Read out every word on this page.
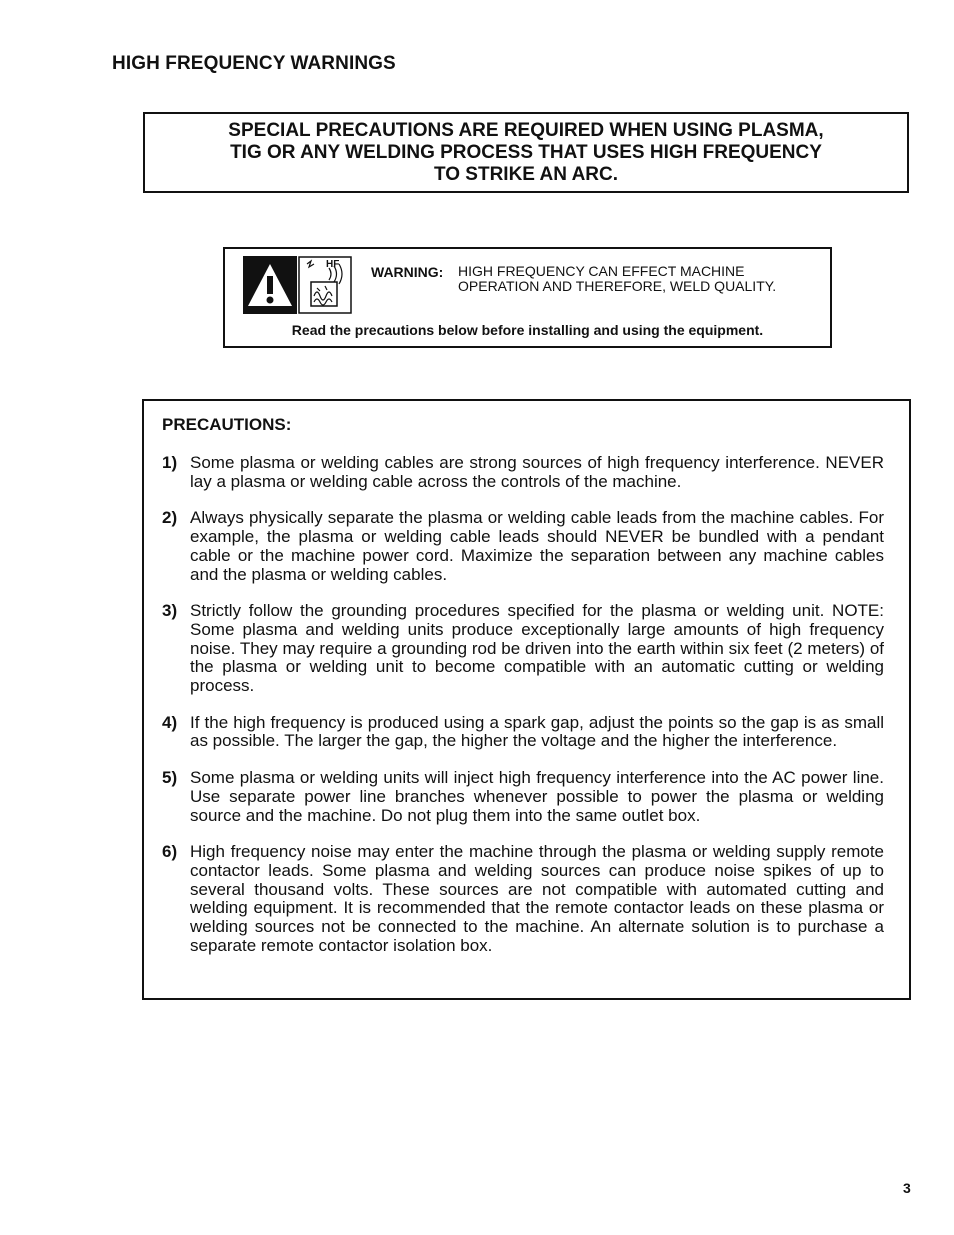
HIGH FREQUENCY WARNINGS
SPECIAL PRECAUTIONS ARE REQUIRED WHEN USING PLASMA,
TIG OR ANY WELDING PROCESS THAT USES HIGH FREQUENCY
TO STRIKE AN ARC.
HF WARNING: HIGH FREQUENCY CAN EFFECT MACHINE
OPERATION AND THEREFORE, WELD QUALITY.
Read the precautions below before installing and using the equipment.
PRECAUTIONS:
1) Some plasma or welding cables are strong sources of high frequency interference. NEVER lay a plasma or welding cable across the controls of the machine.
2) Always physically separate the plasma or welding cable leads from the machine cables. For example, the plasma or welding cable leads should NEVER be bundled with a pendant cable or the machine power cord. Maximize the separation between any machine cables and the plasma or welding cables.
3) Strictly follow the grounding procedures specified for the plasma or welding unit. NOTE: Some plasma and welding units produce exceptionally large amounts of high frequency noise. They may require a grounding rod be driven into the earth within six feet (2 meters) of the plasma or welding unit to become compatible with an automatic cutting or welding process.
4) If the high frequency is produced using a spark gap, adjust the points so the gap is as small as possible. The larger the gap, the higher the voltage and the higher the interference.
5) Some plasma or welding units will inject high frequency interference into the AC power line. Use separate power line branches whenever possible to power the plasma or welding source and the machine. Do not plug them into the same outlet box.
6) High frequency noise may enter the machine through the plasma or welding supply remote contactor leads. Some plasma and welding sources can produce noise spikes of up to several thousand volts. These sources are not compatible with automated cutting and welding equipment. It is recommended that the remote contactor leads on these plasma or welding sources not be connected to the machine. An alternate solution is to purchase a separate remote contactor isolation box.
3
